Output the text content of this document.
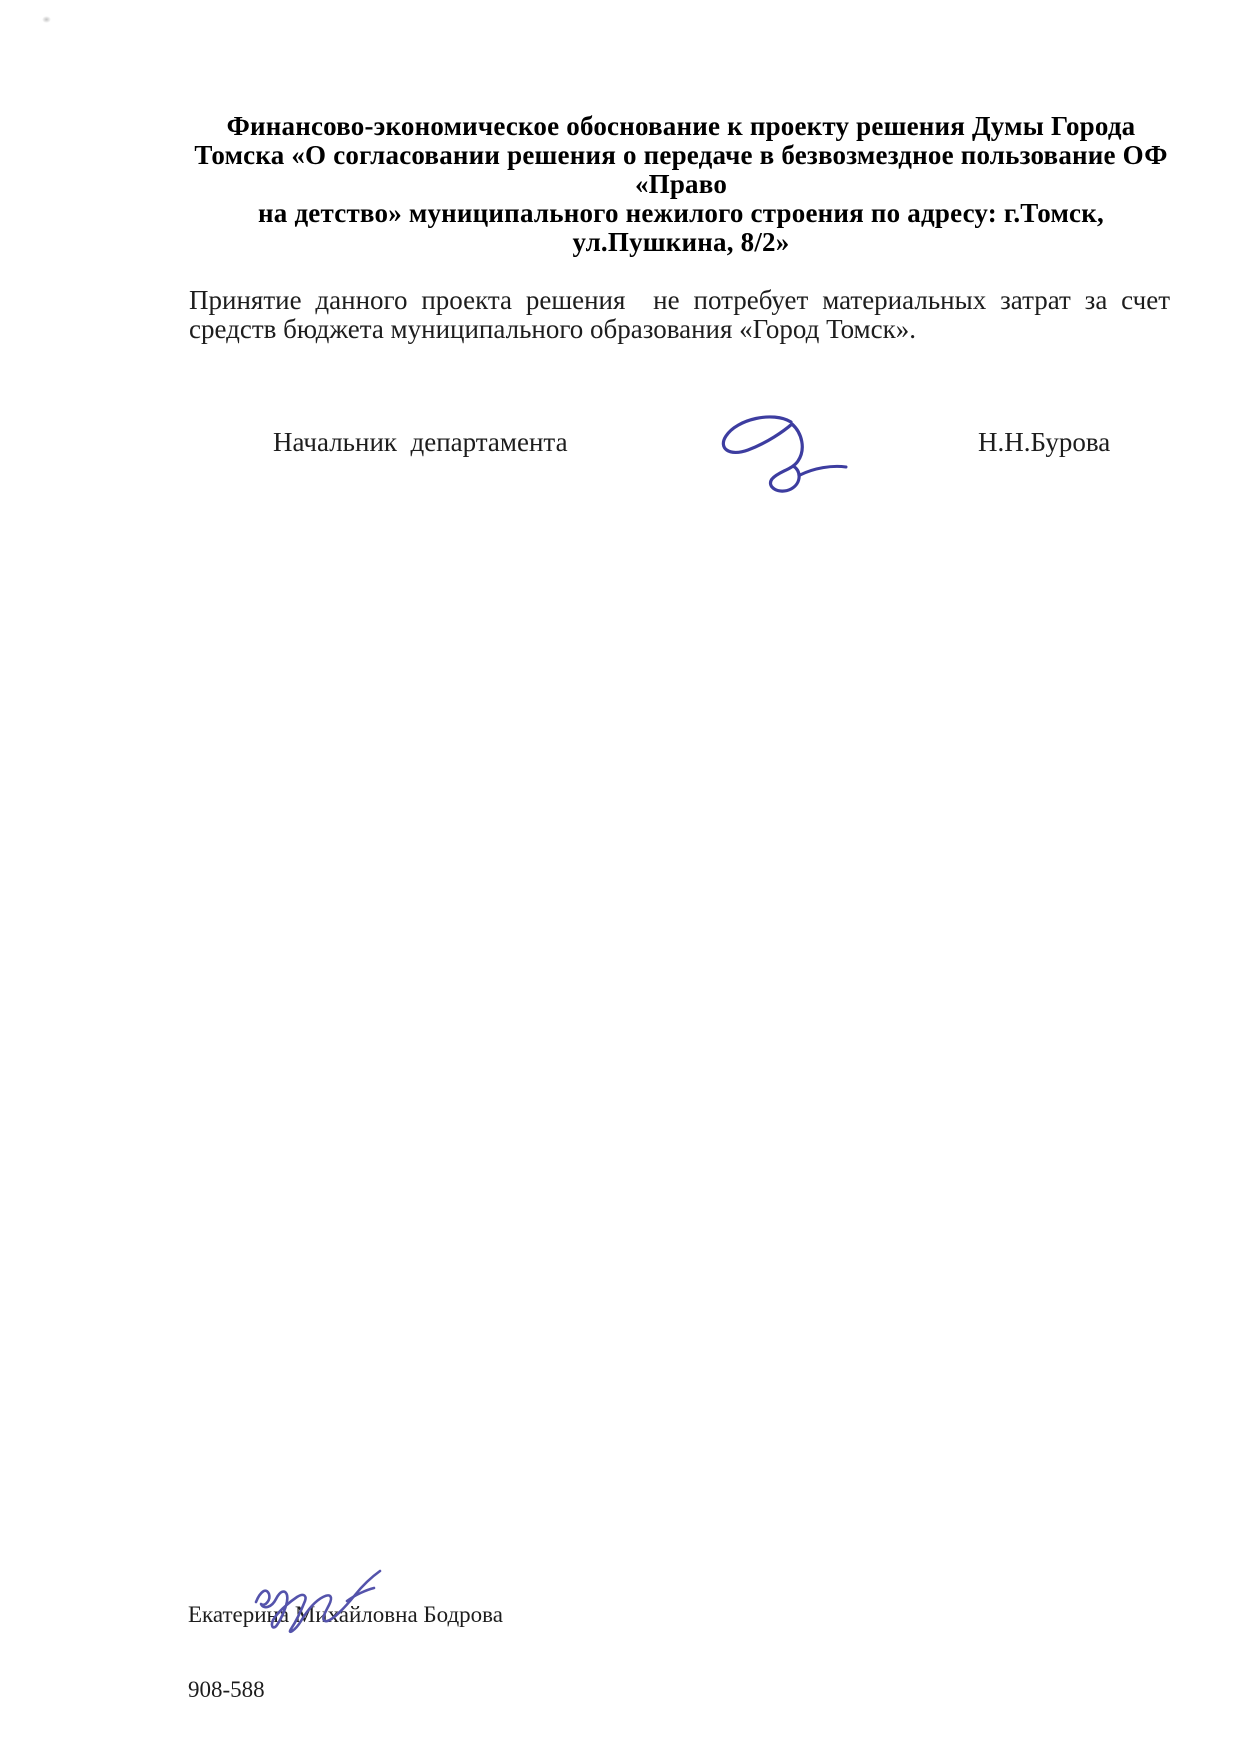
Финансово-экономическое обоснование к проекту решения Думы Города
Томска «О согласовании решения о передаче в безвозмездное пользование ОФ «Право
на детство» муниципального нежилого строения по адресу: г.Томск, ул.Пушкина, 8/2»
Принятие данного проекта решения  не потребует материальных затрат за счет
средств бюджета муниципального образования «Город Томск».
Начальник  департамента	Н.Н.Бурова

Екатерина Михайловна Бодрова

908-588
